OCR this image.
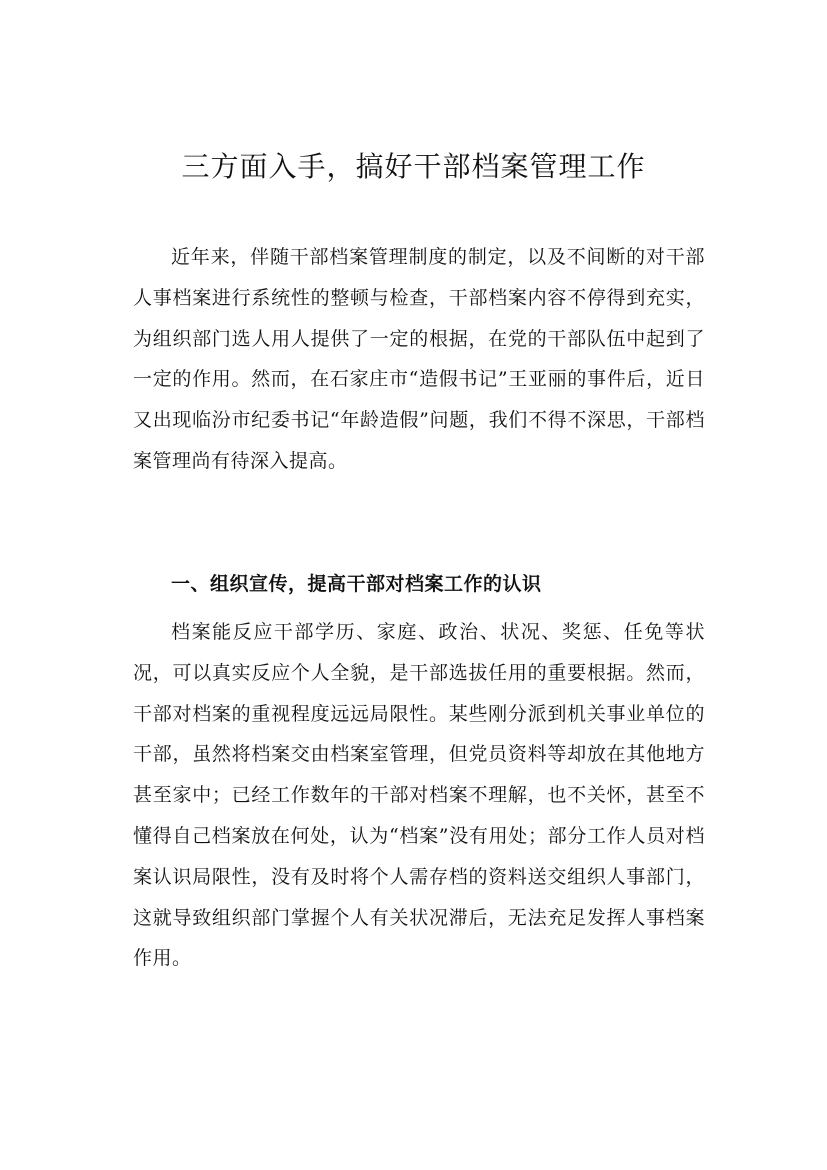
三方面入手，搞好干部档案管理工作

近年来，伴随干部档案管理制度的制定，以及不间断的对干部人事档案进行系统性的整顿与检查，干部档案内容不停得到充实，为组织部门选人用人提供了一定的根据，在党的干部队伍中起到了一定的作用。然而，在石家庄市“造假书记”王亚丽的事件后，近日又出现临汾市纪委书记“年龄造假”问题，我们不得不深思，干部档案管理尚有待深入提高。

一、组织宣传，提高干部对档案工作的认识

档案能反应干部学历、家庭、政治、状况、奖惩、任免等状况，可以真实反应个人全貌，是干部选拔任用的重要根据。然而，干部对档案的重视程度远远局限性。某些刚分派到机关事业单位的干部，虽然将档案交由档案室管理，但党员资料等却放在其他地方甚至家中；已经工作数年的干部对档案不理解，也不关怀，甚至不懂得自己档案放在何处，认为“档案”没有用处；部分工作人员对档案认识局限性，没有及时将个人需存档的资料送交组织人事部门，这就导致组织部门掌握个人有关状况滞后，无法充足发挥人事档案作用。
